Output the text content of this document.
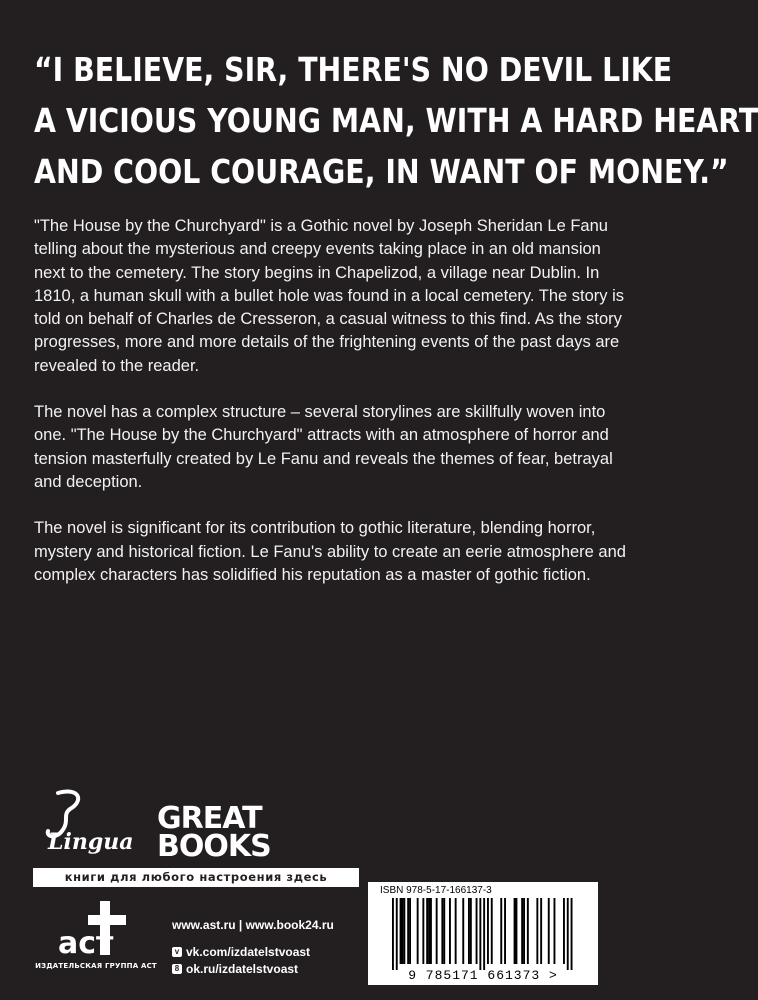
“I BELIEVE, SIR, THERE'S NO DEVIL LIKE
A VICIOUS YOUNG MAN, WITH A HARD HEART
AND COOL COURAGE, IN WANT OF MONEY.”

"The House by the Churchyard" is a Gothic novel by Joseph Sheridan Le Fanu telling about the mysterious and creepy events taking place in an old mansion next to the cemetery. The story begins in Chapelizod, a village near Dublin. In 1810, a human skull with a bullet hole was found in a local cemetery. The story is told on behalf of Charles de Cresseron, a casual witness to this find. As the story progresses, more and more details of the frightening events of the past days are revealed to the reader.

The novel has a complex structure – several storylines are skillfully woven into one. "The House by the Churchyard" attracts with an atmosphere of horror and tension masterfully created by Le Fanu and reveals the themes of fear, betrayal and deception.

The novel is significant for its contribution to gothic literature, blending horror, mystery and historical fiction. Le Fanu's ability to create an eerie atmosphere and complex characters has solidified his reputation as a master of gothic fiction.

Lingua
GREAT
BOOKS
книги для любого настроения здесь
аст
ИЗДАТЕЛЬСКАЯ ГРУППА АСТ
www.ast.ru | www.book24.ru
v vk.com/izdatelstvoast
8 ok.ru/izdatelstvoast
ISBN 978-5-17-166137-3
9 785171 661373 >
